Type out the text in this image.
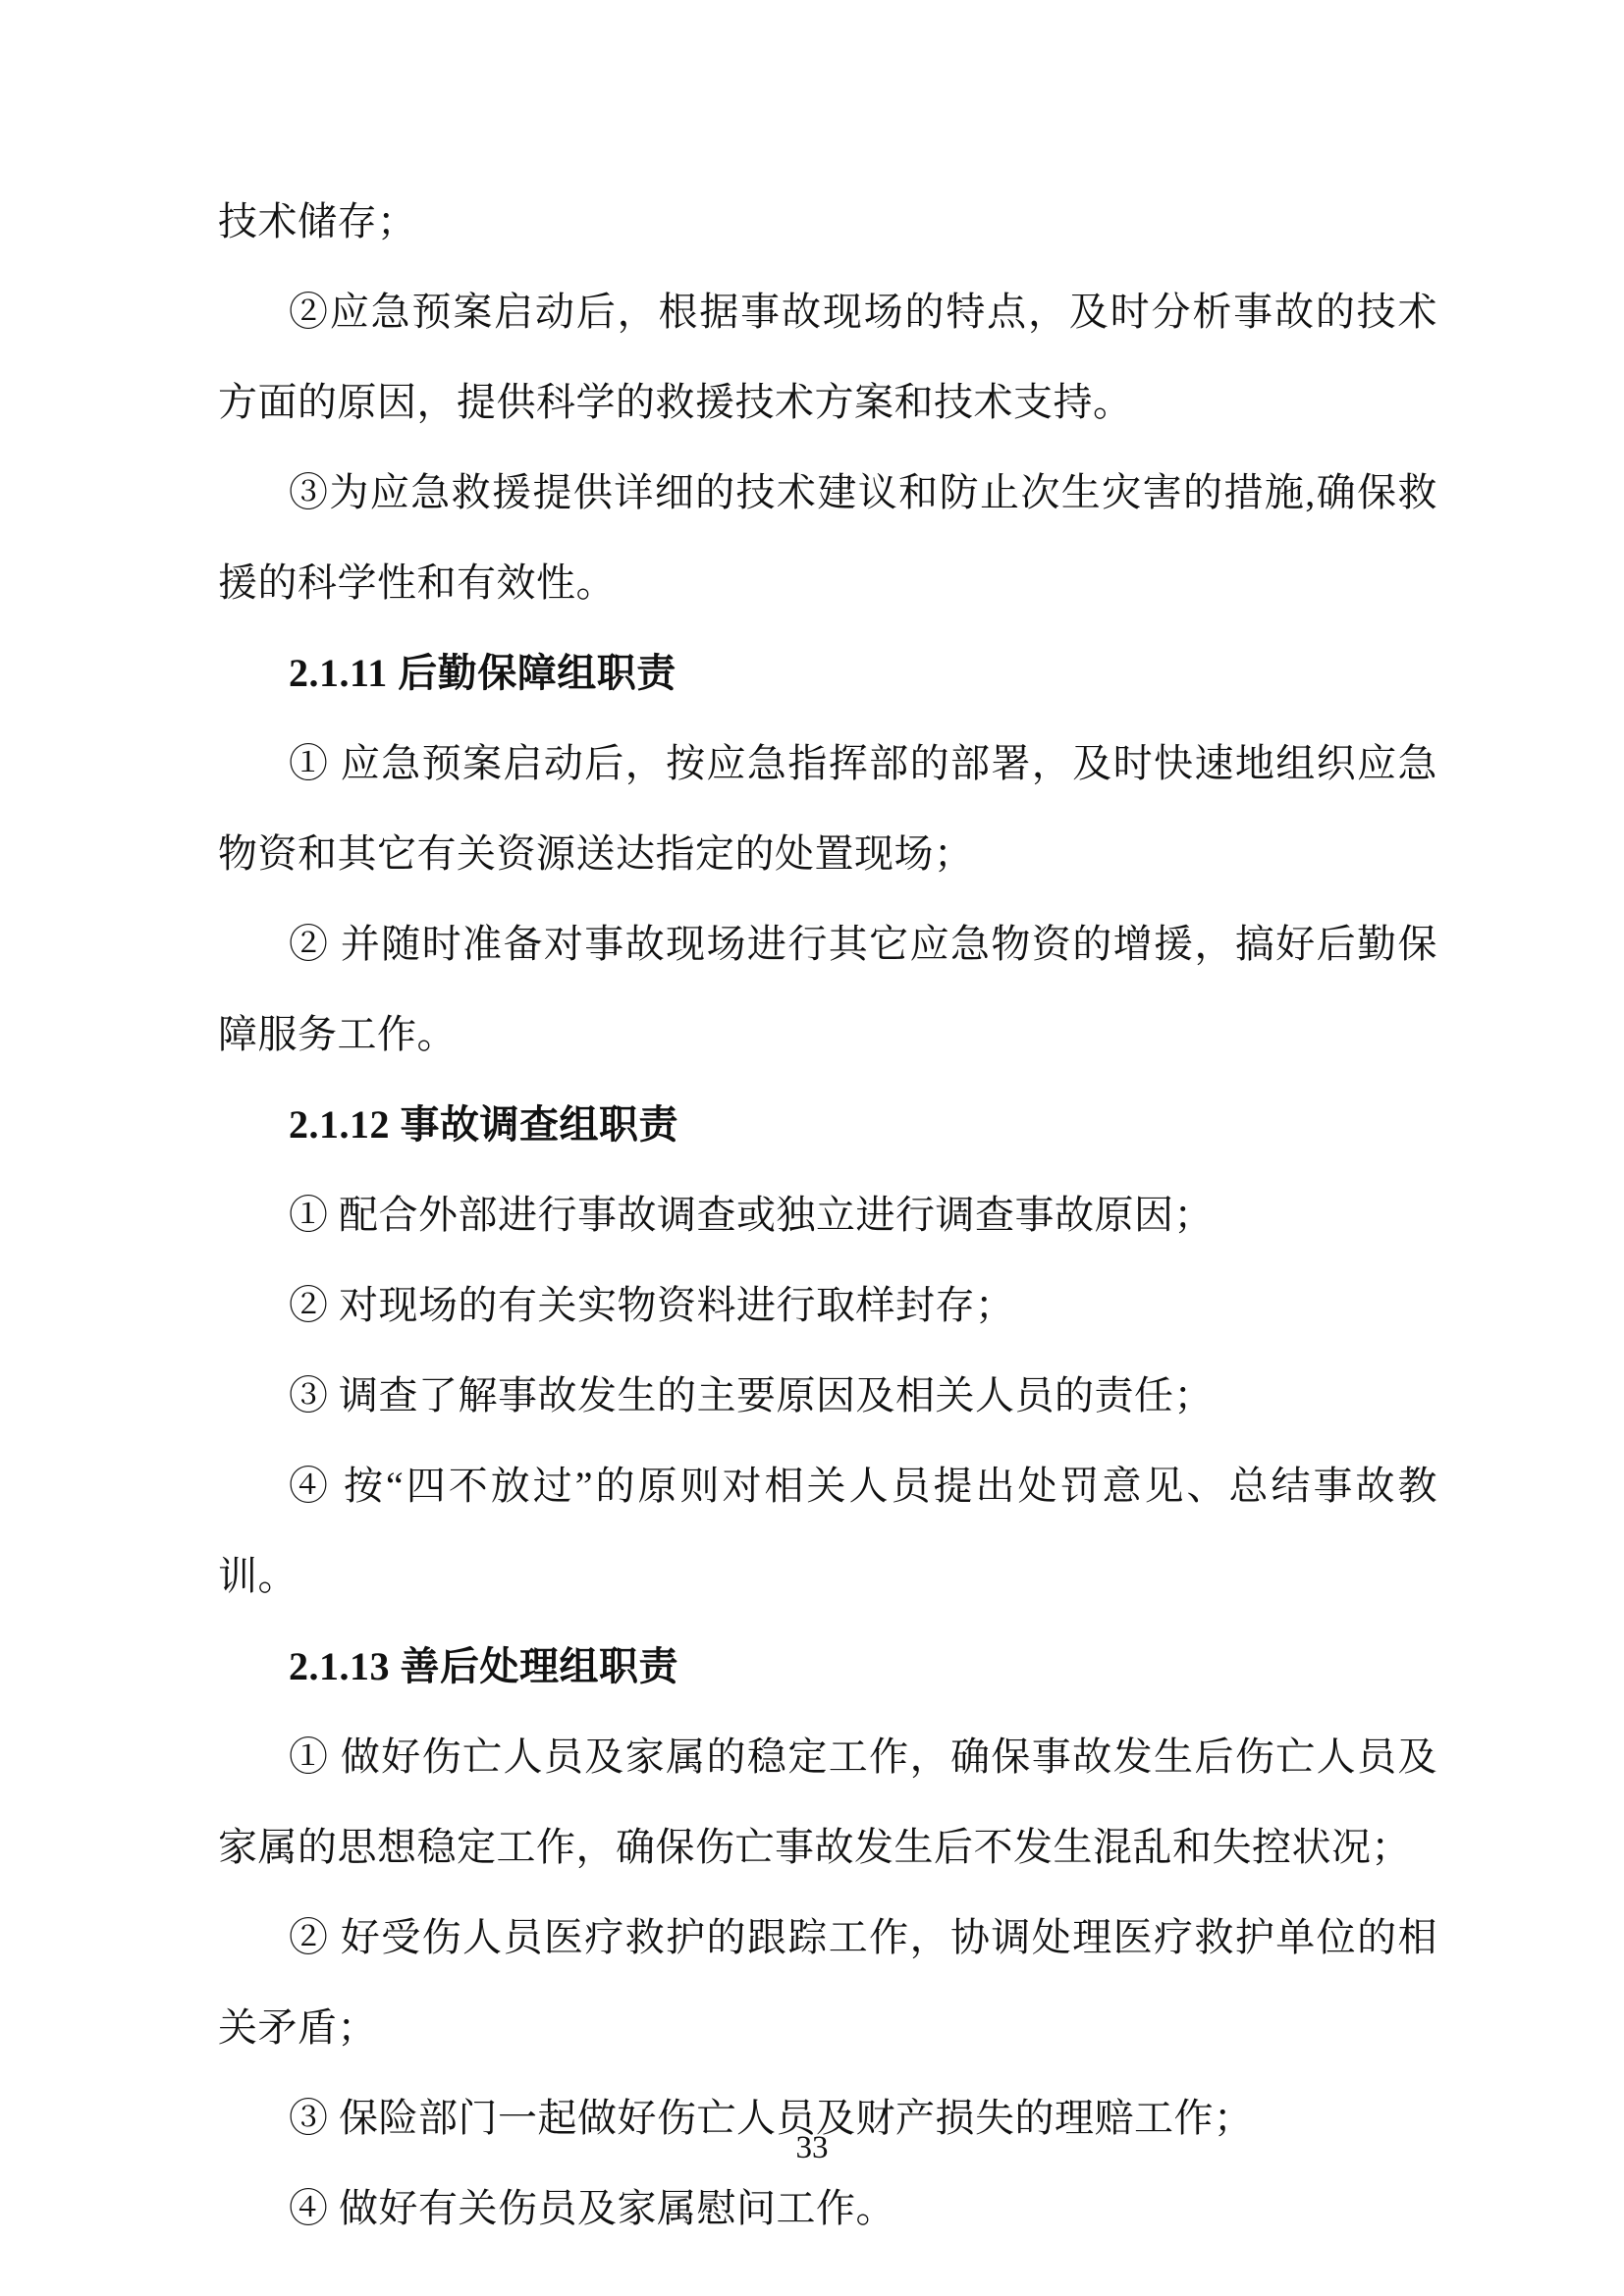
技术储存；

②应急预案启动后，根据事故现场的特点，及时分析事故的技术方面的原因，提供科学的救援技术方案和技术支持。

③为应急救援提供详细的技术建议和防止次生灾害的措施,确保救援的科学性和有效性。

2.1.11 后勤保障组职责

① 应急预案启动后，按应急指挥部的部署，及时快速地组织应急物资和其它有关资源送达指定的处置现场；

② 并随时准备对事故现场进行其它应急物资的增援，搞好后勤保障服务工作。

2.1.12 事故调查组职责

① 配合外部进行事故调查或独立进行调查事故原因；

② 对现场的有关实物资料进行取样封存；

③ 调查了解事故发生的主要原因及相关人员的责任；

④ 按“四不放过”的原则对相关人员提出处罚意见、总结事故教训。

2.1.13 善后处理组职责

① 做好伤亡人员及家属的稳定工作，确保事故发生后伤亡人员及家属的思想稳定工作，确保伤亡事故发生后不发生混乱和失控状况；

② 好受伤人员医疗救护的跟踪工作，协调处理医疗救护单位的相关矛盾；

③ 保险部门一起做好伤亡人员及财产损失的理赔工作；

④ 做好有关伤员及家属慰问工作。

33
